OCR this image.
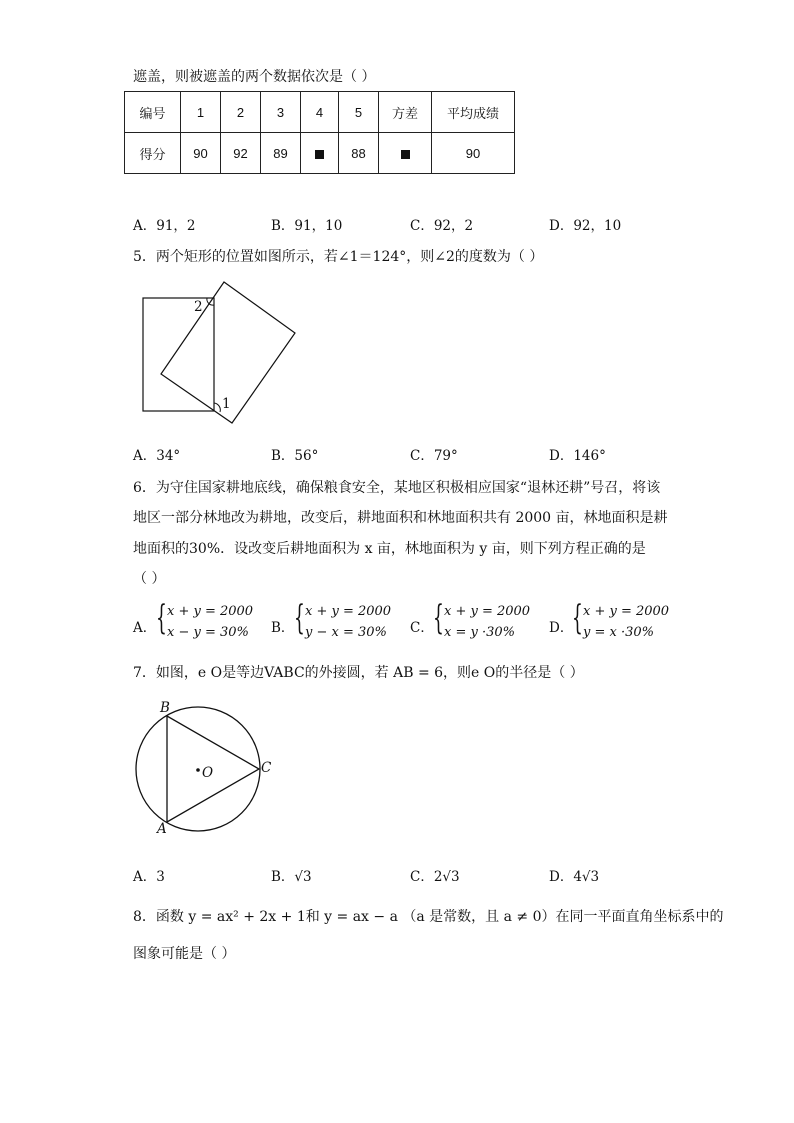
遮盖，则被遮盖的两个数据依次是（ ）
编号	1	2	3	4	5	方差	平均成绩
得分	90	92	89		88		90
A．91，2	B．91，10	C．92，2	D．92，10
5．两个矩形的位置如图所示，若∠1＝124°，则∠2的度数为（ ）
2
1
A．34°	B．56°	C．79°	D．146°
6．为守住国家耕地底线，确保粮食安全，某地区积极相应国家“退林还耕”号召，将该
地区一部分林地改为耕地，改变后，耕地面积和林地面积共有 2000 亩，林地面积是耕
地面积的30%．设改变后耕地面积为 x 亩，林地面积为 y 亩，则下列方程正确的是
（ ）
A． { x + y = 2000
x − y = 30% B． { x + y = 2000
y − x = 30% C． { x + y = 2000
x = y ·30%	D．
{ x + y = 2000
y = x ·30%
7．如图，e O是等边VABC的外接圆，若 AB = 6，则e O的半径是（ ）
B
A
C
O
A．3	B．√3	C．2√3	D．4√3
8．函数 y = ax² + 2x + 1和 y = ax − a （a 是常数，且 a ≠ 0）在同一平面直角坐标系中的
图象可能是（ ）
